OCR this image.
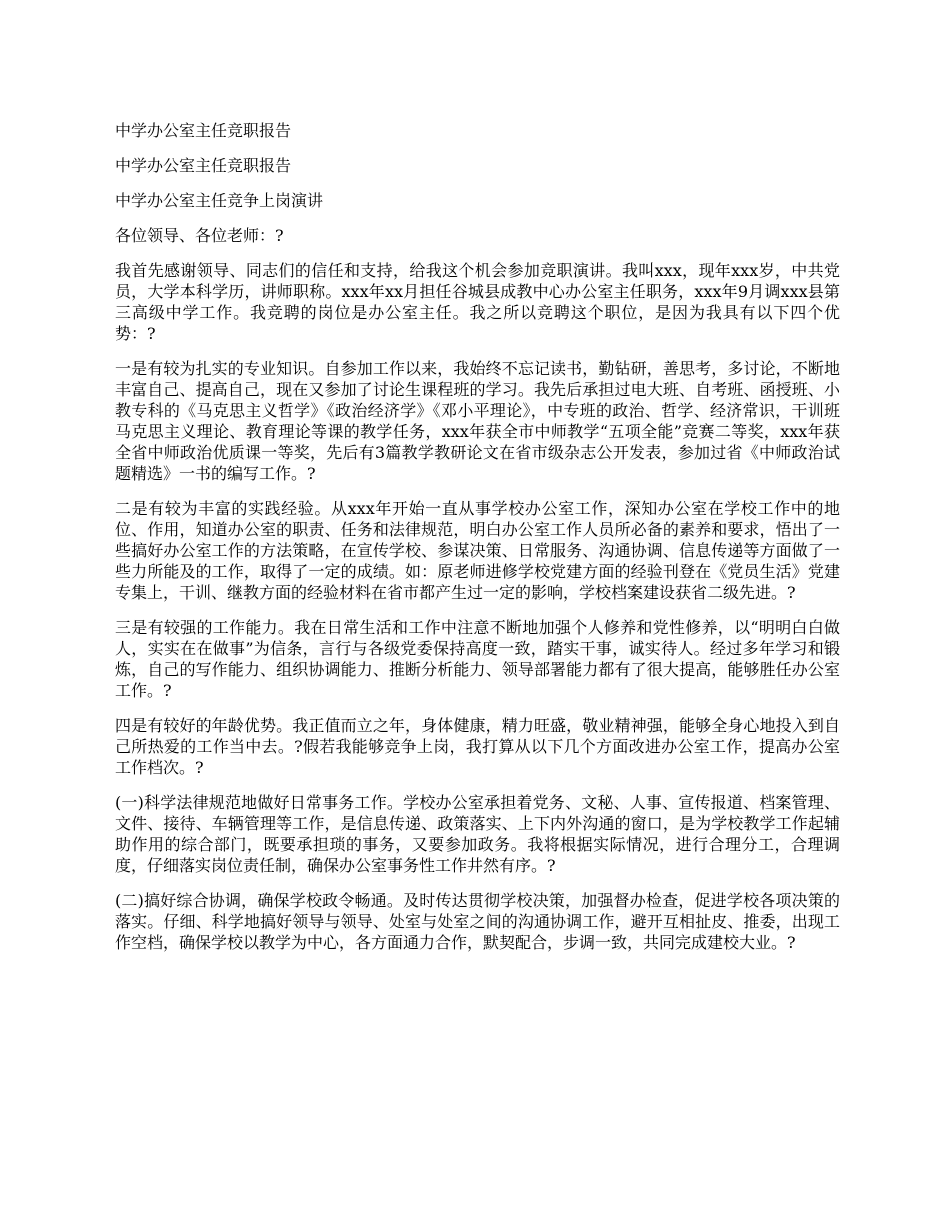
中学办公室主任竞职报告

中学办公室主任竞职报告

中学办公室主任竞争上岗演讲

各位领导、各位老师：?

我首先感谢领导、同志们的信任和支持，给我这个机会参加竞职演讲。我叫xxx，现年xxx岁，中共党员，大学本科学历，讲师职称。xxx年xx月担任谷城县成教中心办公室主任职务，xxx年9月调xxx县第三高级中学工作。我竞聘的岗位是办公室主任。我之所以竞聘这个职位，是因为我具有以下四个优势：?

一是有较为扎实的专业知识。自参加工作以来，我始终不忘记读书，勤钻研，善思考，多讨论，不断地丰富自己、提高自己，现在又参加了讨论生课程班的学习。我先后承担过电大班、自考班、函授班、小教专科的《马克思主义哲学》《政治经济学》《邓小平理论》，中专班的政治、哲学、经济常识，干训班马克思主义理论、教育理论等课的教学任务，xxx年获全市中师教学“五项全能”竞赛二等奖，xxx年获全省中师政治优质课一等奖，先后有3篇教学教研论文在省市级杂志公开发表，参加过省《中师政治试题精选》一书的编写工作。?

二是有较为丰富的实践经验。从xxx年开始一直从事学校办公室工作，深知办公室在学校工作中的地位、作用，知道办公室的职责、任务和法律规范，明白办公室工作人员所必备的素养和要求，悟出了一些搞好办公室工作的方法策略，在宣传学校、参谋决策、日常服务、沟通协调、信息传递等方面做了一些力所能及的工作，取得了一定的成绩。如：原老师进修学校党建方面的经验刊登在《党员生活》党建专集上，干训、继教方面的经验材料在省市都产生过一定的影响，学校档案建设获省二级先进。?

三是有较强的工作能力。我在日常生活和工作中注意不断地加强个人修养和党性修养，以“明明白白做人，实实在在做事”为信条，言行与各级党委保持高度一致，踏实干事，诚实待人。经过多年学习和锻炼，自己的写作能力、组织协调能力、推断分析能力、领导部署能力都有了很大提高，能够胜任办公室工作。?

四是有较好的年龄优势。我正值而立之年，身体健康，精力旺盛，敬业精神强，能够全身心地投入到自己所热爱的工作当中去。?假若我能够竞争上岗，我打算从以下几个方面改进办公室工作，提高办公室工作档次。?

(一)科学法律规范地做好日常事务工作。学校办公室承担着党务、文秘、人事、宣传报道、档案管理、文件、接待、车辆管理等工作，是信息传递、政策落实、上下内外沟通的窗口，是为学校教学工作起辅助作用的综合部门，既要承担琐的事务，又要参加政务。我将根据实际情况，进行合理分工，合理调度，仔细落实岗位责任制，确保办公室事务性工作井然有序。?

(二)搞好综合协调，确保学校政令畅通。及时传达贯彻学校决策，加强督办检查，促进学校各项决策的落实。仔细、科学地搞好领导与领导、处室与处室之间的沟通协调工作，避开互相扯皮、推委，出现工作空档，确保学校以教学为中心，各方面通力合作，默契配合，步调一致，共同完成建校大业。?
